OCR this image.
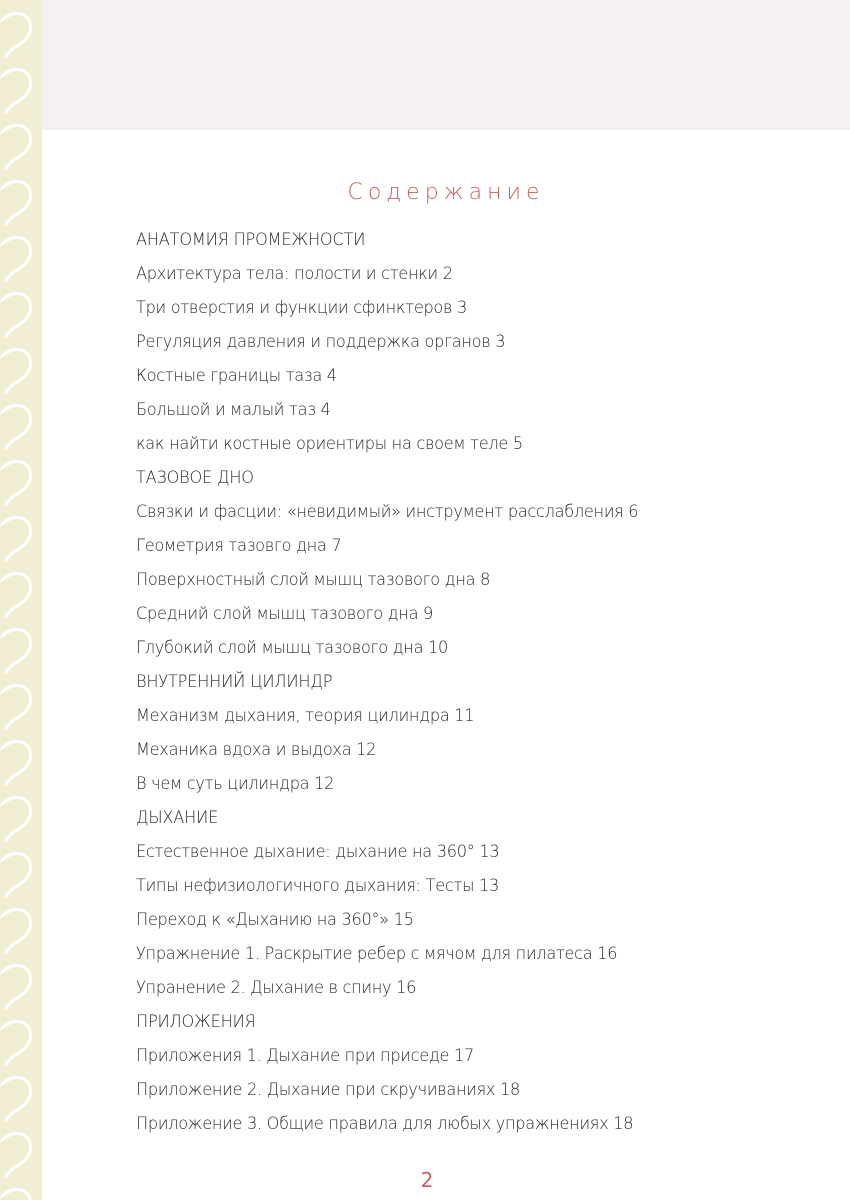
Содержание
АНАТОМИЯ ПРОМЕЖНОСТИ
Архитектура тела: полости и стенки 2
Три отверстия и функции сфинктеров 3
Регуляция давления и поддержка органов 3
Костные границы таза 4
Большой и малый таз 4
как найти костные ориентиры на своем теле 5
ТАЗОВОЕ ДНО
Связки и фасции: «невидимый» инструмент расслабления 6
Геометрия тазовго дна 7
Поверхностный слой мышц тазового дна 8
Средний слой мышц тазового дна 9
Глубокий слой мышц тазового дна 10
ВНУТРЕННИЙ ЦИЛИНДР
Механизм дыхания, теория цилиндра 11
Механика вдоха и выдоха 12
В чем суть цилиндра 12
ДЫХАНИЕ
Естественное дыхание: дыхание на 360° 13
Типы нефизиологичного дыхания: Тесты 13
Переход к «Дыханию на 360°» 15
Упражнение 1. Раскрытие ребер с мячом для пилатеса 16
Упранение 2. Дыхание в спину 16
ПРИЛОЖЕНИЯ
Приложения 1. Дыхание при приседе 17
Приложение 2. Дыхание при скручиваниях 18
Приложение 3. Общие правила для любых упражнениях 18
2
